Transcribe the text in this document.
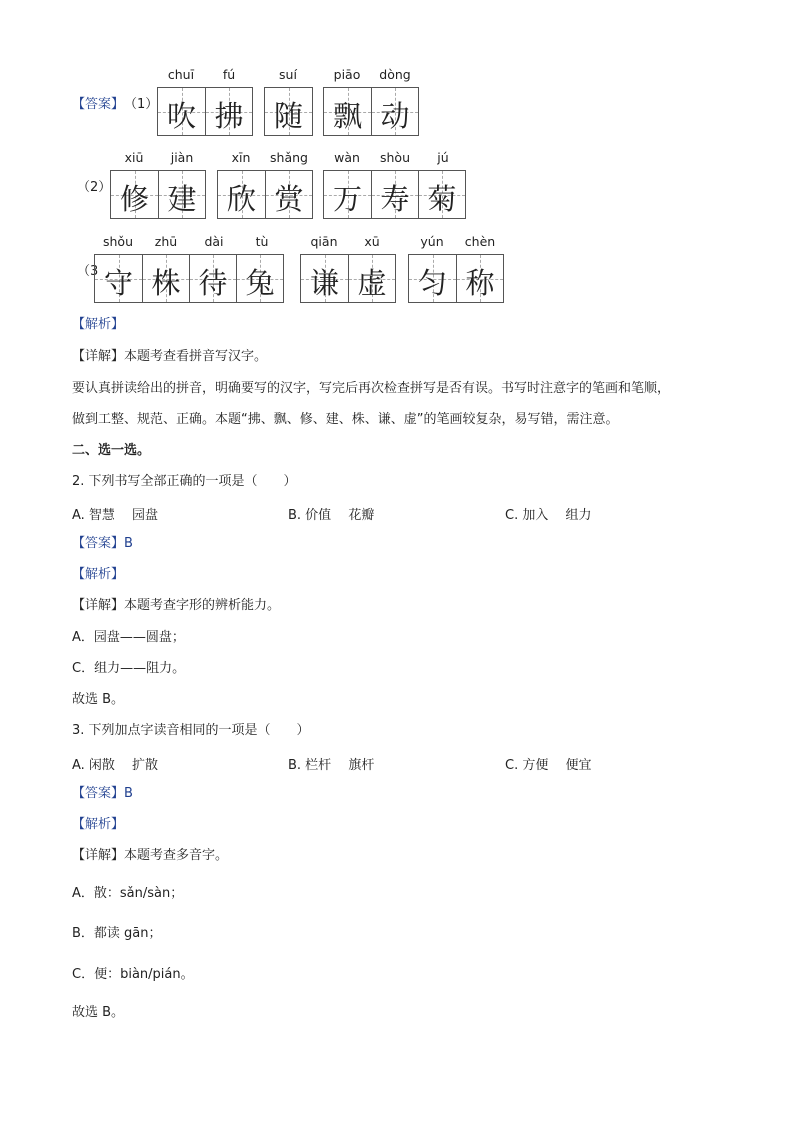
【答案】 （1）
chuī	fú
吹 拂
suí
随
piāo	dòng
飘 动
（2）
xiū	jiàn
修 建
xīn	shǎng
欣 赏
wàn	shòu	jú
万 寿 菊
（3
shǒu	zhū	dài	tù
守 株 待 兔
qiān	xū
谦 虚
yún	chèn
匀 称
【解析】
【详解】本题考查看拼音写汉字。
要认真拼读给出的拼音，明确要写的汉字，写完后再次检查拼写是否有误。书写时注意字的笔画和笔顺，
做到工整、规范、正确。本题“拂、飘、修、建、株、谦、虚”的笔画较复杂，易写错，需注意。
二、选一选。
2. 下列书写全部正确的一项是（　　）
A. 智慧　 园盘	B. 价值　 花瓣	C. 加入　 组力
【答案】B
【解析】
【详解】本题考查字形的辨析能力。
A．园盘——圆盘；
C．组力——阻力。
故选 B。
3. 下列加点字读音相同的一项是（　　）
A. 闲散　 扩散	B. 栏杆　 旗杆	C. 方便　 便宜
【答案】B
【解析】
【详解】本题考查多音字。
A．散：sǎn/sàn；
B．都读 gān；
C．便：biàn/pián。
故选 B。
